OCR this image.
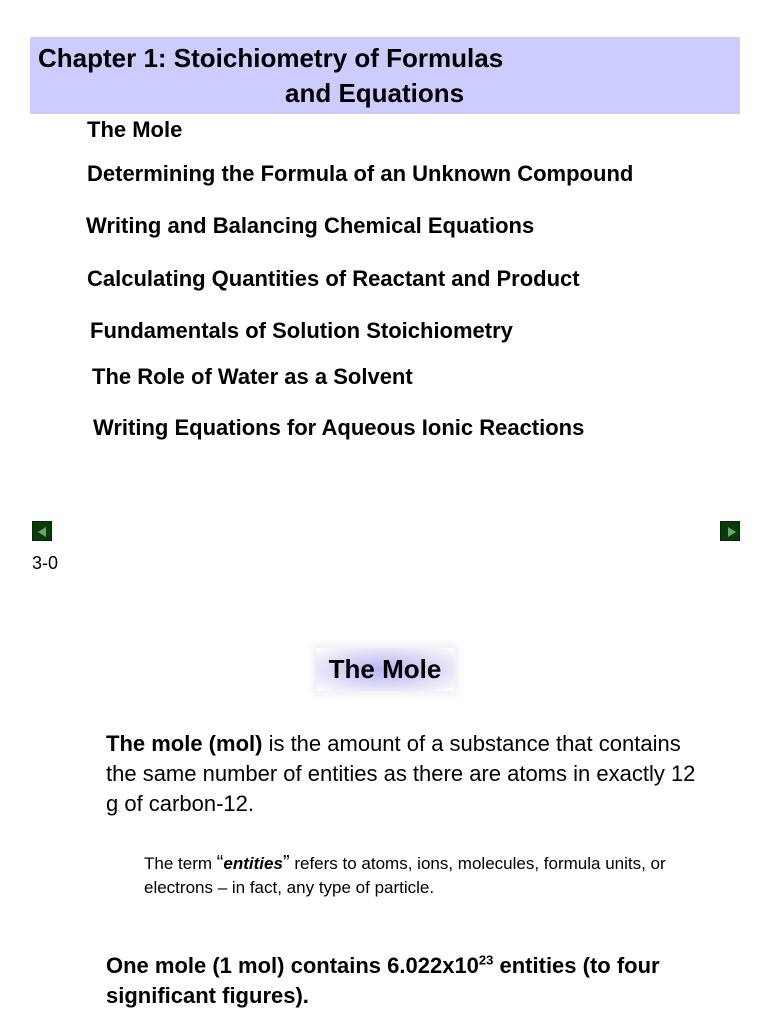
Chapter 1: Stoichiometry of Formulas
and Equations
The Mole
Determining the Formula of an Unknown Compound
Writing and Balancing Chemical Equations
Calculating Quantities of Reactant and Product
Fundamentals of Solution Stoichiometry
The Role of Water as a Solvent
Writing Equations for Aqueous Ionic Reactions
3-0
The Mole
The mole (mol) is the amount of a substance that contains the same number of entities as there are atoms in exactly 12 g of carbon-12.
The term “entities” refers to atoms, ions, molecules, formula units, or electrons – in fact, any type of particle.
One mole (1 mol) contains $6.022x10^{23}$ entities (to four significant figures).
